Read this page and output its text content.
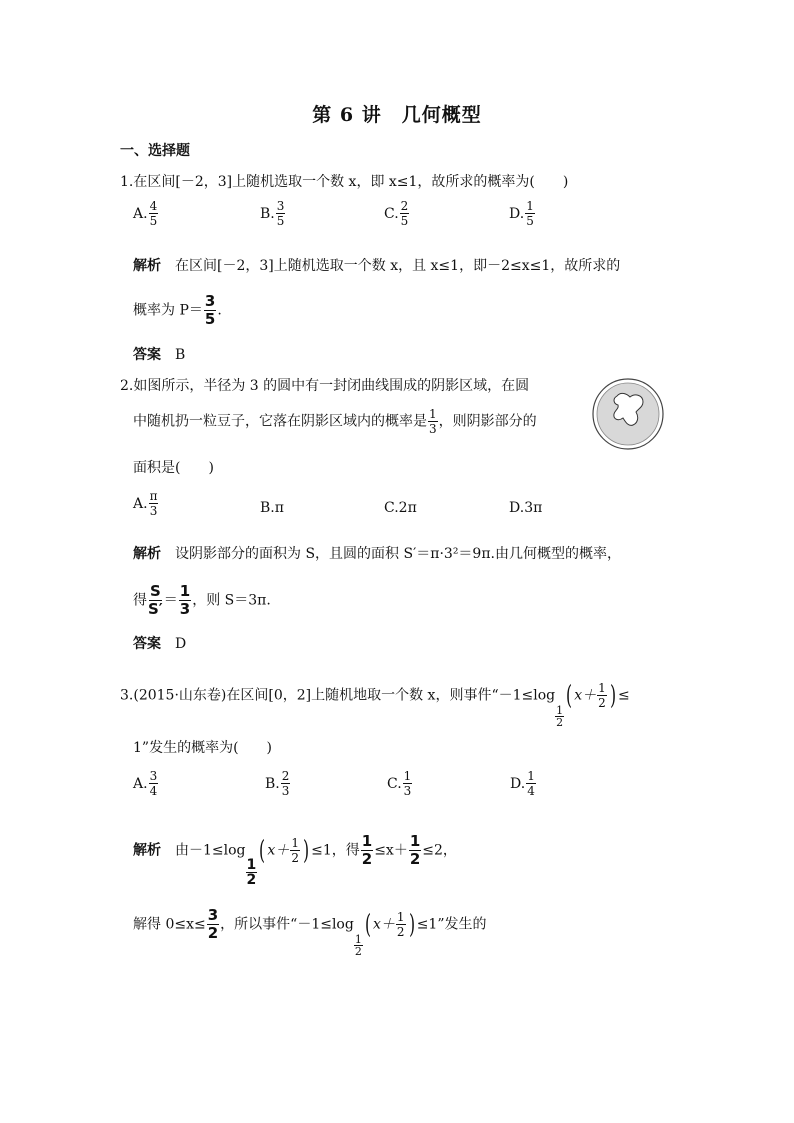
第 6 讲　几何概型
一、选择题
1.在区间[－2，3]上随机选取一个数 x，即 x≤1，故所求的概率为(　　)
A. $\frac{4}{5}$	B. $\frac{3}{5}$	C. $\frac{2}{5}$	D. $\frac{1}{5}$
解析　 在区间[－2，3]上随机选取一个数 x，且 x≤1，即－2≤x≤1，故所求的
概率为 $P= \frac{3}{5}$ .
答案　 B
2.如图所示，半径为 3 的圆中有一封闭曲线围成的阴影区域，在圆
中随机扔一粒豆子，它落在阴影区域内的概率是 $\frac{1}{3}$ ，则阴影部分的
面积是(　　)
A. $\frac{\pi}{3}$	B.π	C.2π	D.3π
解析　 设阴影部分的面积为 S，且圆的面积 S′＝π·3²＝9π.由几何概型的概率，
得 $\frac{S}{S'} = \frac{1}{3}$ ，则 S＝3π.
答案　 D
3.(2015·山东卷)在区间[0，2]上随机地取一个数 x，则事件“－1≤log
$\frac{1}{2}$
( $x+ \frac{1}{2}$ ) ≤
1”发生的概率为(　　)
A. $\frac{3}{4}$	B. $\frac{2}{3}$	C. $\frac{1}{3}$	D. $\frac{1}{4}$
解析　 由－1≤log
$\frac{1}{2}$
( $x+ \frac{1}{2}$ ) ≤1，得 $\frac{1}{2} \le x+ \frac{1}{2} \le 2$，
解得 $0\le x\le \frac{3}{2}$ ，所以事件“－1≤log
$\frac{1}{2}$
( $x+ \frac{1}{2}$ ) ≤1”发生的
